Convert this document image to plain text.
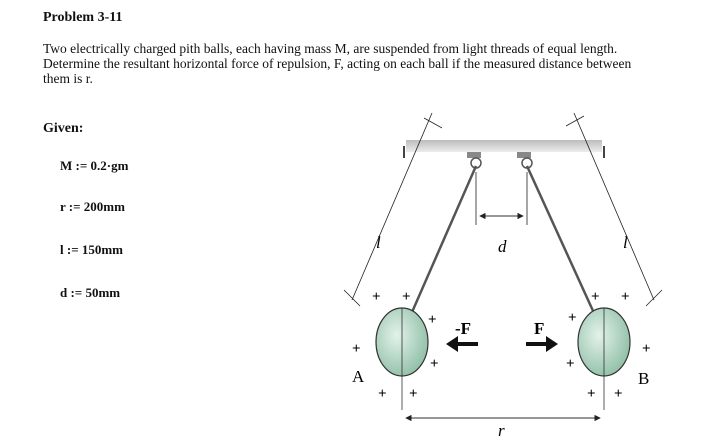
Problem 3-11
Two electrically charged pith balls, each having mass M, are suspended from light threads of equal length. Determine the resultant horizontal force of repulsion, F, acting on each ball if the measured distance between them is r.
Given:
M := 0.2·gm
r := 200mm
l := 150mm
d := 50mm
l	l
d
-F	F
A	B
r
+ +
+
+
+
+ +
+ +
+
+
+
+ +
